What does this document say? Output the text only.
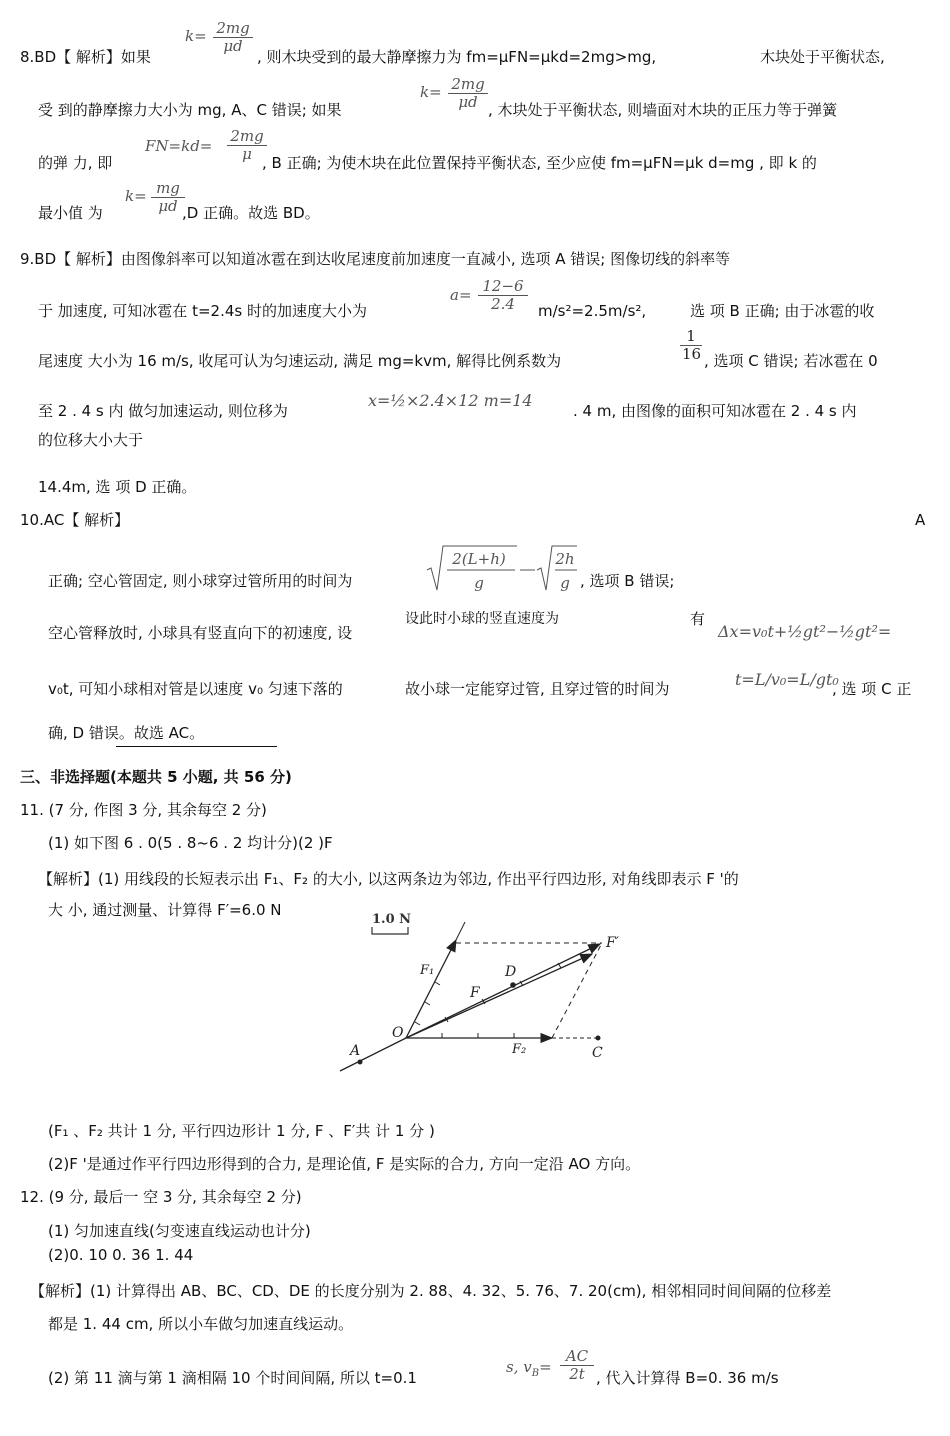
8.BD【 解析】如果
k= 2mg
μd
, 则木块受到的最大静摩擦力为 fm=μFN=μkd=2mg>mg,	木块处于平衡状态,
受 到的静摩擦力大小为 mg, A、C 错误; 如果
k= 2mg
μd , 木块处于平衡状态, 则墙面对木块的正压力等于弹簧
的弹 力, 即
FN=kd=
2mg
μ , B 正确; 为使木块在此位置保持平衡状态, 至少应使 fm=μFN=μk d=mg , 即 k 的
最小值 为
k= mg
μd ,D 正确。故选 BD。
9.BD【 解析】由图像斜率可以知道冰雹在到达收尾速度前加速度一直减小, 选项 A 错误; 图像切线的斜率等
于 加速度, 可知冰雹在 t=2.4s 时的加速度大小为
a= 12−6
2.4	m/s²=2.5m/s²,	选 项 B 正确; 由于冰雹的收
尾速度 大小为 16 m/s, 收尾可认为匀速运动, 满足 mg=kvm, 解得比例系数为
1
16 , 选项 C 错误; 若冰雹在 0
至 2 . 4 s 内 做匀加速运动, 则位移为
x=½×2.4×12 m=14
. 4 m, 由图像的面积可知冰雹在 2 . 4 s 内
的位移大小大于
14.4m, 选 项 D 正确。
10.AC【 解析】	A
正确; 空心管固定, 则小球穿过管所用的时间为
2(L+h)
g
2h
g , 选项 B 错误;
空心管释放时, 小球具有竖直向下的初速度, 设
设此时小球的竖直速度为	有
Δx=v₀t+½gt²−½gt²=
v₀t, 可知小球相对管是以速度 v₀ 匀速下落的	故小球一定能穿过管, 且穿过管的时间为	t=L/v₀=L/gt₀
, 选 项 C 正
确, D 错误。故选 AC。
三、非选择题(本题共 5 小题, 共 56 分)
11. (7 分, 作图 3 分, 其余每空 2 分)
(1) 如下图 6 . 0(5 . 8~6 . 2 均计分)(2 )F
【解析】(1) 用线段的长短表示出 F₁、F₂ 的大小, 以这两条边为邻边, 作出平行四边形, 对角线即表示 F '的
大 小, 通过测量、计算得 F′=6.0 N
1.0 N
A
O
F₁
C
F₂
F′
D
F
(F₁ 、F₂ 共计 1 分, 平行四边形计 1 分, F 、F′共 计 1 分 )
(2)F '是通过作平行四边形得到的合力, 是理论值, F 是实际的合力, 方向一定沿 AO 方向。
12. (9 分, 最后一 空 3 分, 其余每空 2 分)
(1) 匀加速直线(匀变速直线运动也计分)
(2)0. 10 0. 36 1. 44
【解析】(1) 计算得出 AB、BC、CD、DE 的长度分别为 2. 88、4. 32、5. 76、7. 20(cm), 相邻相同时间间隔的位移差
都是 1. 44 cm, 所以小车做匀加速直线运动。
(2) 第 11 滴与第 1 滴相隔 10 个时间间隔, 所以 t=0.1
s, $v_B=$
AC
2t , 代入计算得 B=0. 36 m/s
